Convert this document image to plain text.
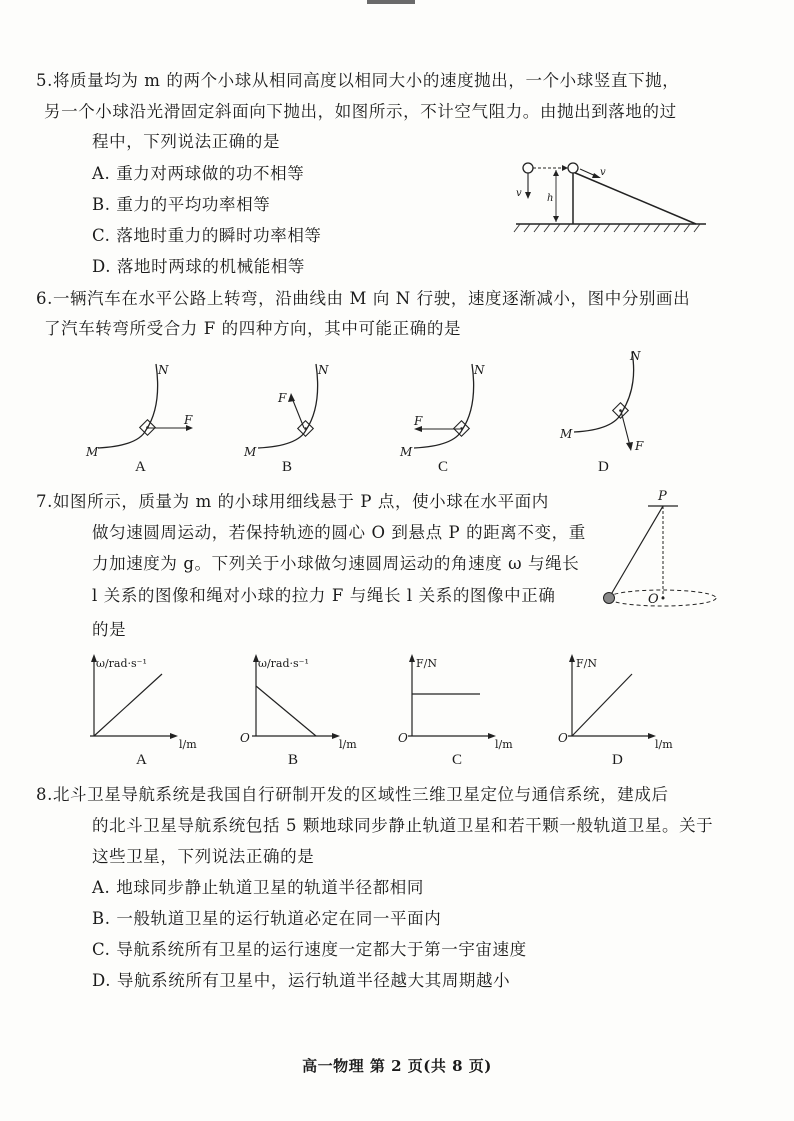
5.将质量均为 m 的两个小球从相同高度以相同大小的速度抛出，一个小球竖直下抛，
另一个小球沿光滑固定斜面向下抛出，如图所示，不计空气阻力。由抛出到落地的过
程中，下列说法正确的是
A. 重力对两球做的功不相等
B. 重力的平均功率相等
C. 落地时重力的瞬时功率相等
D. 落地时两球的机械能相等
v	h
v
6.一辆汽车在水平公路上转弯，沿曲线由 M 向 N 行驶，速度逐渐减小，图中分别画出
了汽车转弯所受合力 F 的四种方向，其中可能正确的是
F
N
M
A
F
N
M
B
F
N
M
C
F
N
M
D
7.如图所示，质量为 m 的小球用细线悬于 P 点，使小球在水平面内
做匀速圆周运动，若保持轨迹的圆心 O 到悬点 P 的距离不变，重
力加速度为 g。下列关于小球做匀速圆周运动的角速度 ω 与绳长
l 关系的图像和绳对小球的拉力 F 与绳长 l 关系的图像中正确
的是
P
O
ω/rad·s⁻¹
l/m
A
ω/rad·s⁻¹
O	l/m
B
F/N
O	l/m
C
F/N
O	l/m
D
8.北斗卫星导航系统是我国自行研制开发的区域性三维卫星定位与通信系统，建成后
的北斗卫星导航系统包括 5 颗地球同步静止轨道卫星和若干颗一般轨道卫星。关于
这些卫星，下列说法正确的是
A. 地球同步静止轨道卫星的轨道半径都相同
B. 一般轨道卫星的运行轨道必定在同一平面内
C. 导航系统所有卫星的运行速度一定都大于第一宇宙速度
D. 导航系统所有卫星中，运行轨道半径越大其周期越小
高一物理 第 2 页(共 8 页)
